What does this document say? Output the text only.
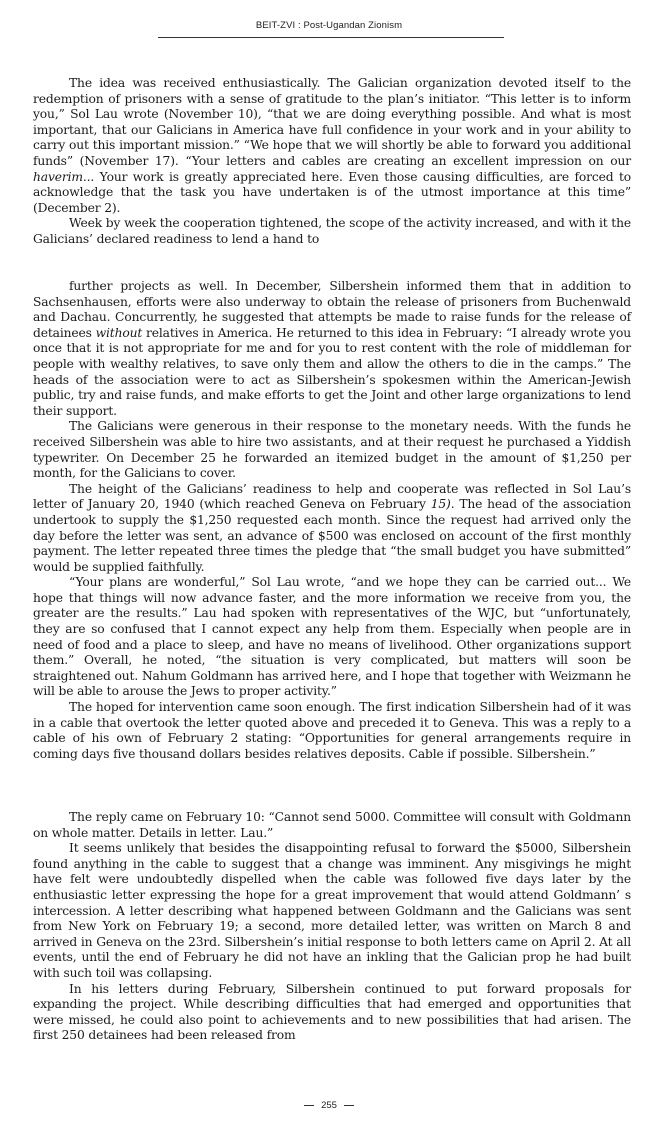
BEIT-ZVI : Post-Ugandan Zionism

The idea was received enthusiastically. The Galician organization devoted itself to the redemption of prisoners with a sense of gratitude to the plan’s initiator. “This letter is to inform you,” Sol Lau wrote (November 10), “that we are doing everything possible. And what is most important, that our Galicians in America have full confidence in your work and in your ability to carry out this important mission.” “We hope that we will shortly be able to forward you additional funds” (November 17). “Your letters and cables are creating an excellent impression on our haverim... Your work is greatly appreciated here. Even those causing difficulties, are forced to acknowledge that the task you have undertaken is of the utmost importance at this time” (December 2).

Week by week the cooperation tightened, the scope of the activity increased, and with it the Galicians’ declared readiness to lend a hand to

further projects as well. In December, Silbershein informed them that in addition to Sachsenhausen, efforts were also underway to obtain the release of prisoners from Buchenwald and Dachau. Concurrently, he suggested that attempts be made to raise funds for the release of detainees without relatives in America. He returned to this idea in February: “I already wrote you once that it is not appropriate for me and for you to rest content with the role of middleman for people with wealthy relatives, to save only them and allow the others to die in the camps.” The heads of the association were to act as Silbershein’s spokesmen within the American-Jewish public, try and raise funds, and make efforts to get the Joint and other large organizations to lend their support.

The Galicians were generous in their response to the monetary needs. With the funds he received Silbershein was able to hire two assistants, and at their request he purchased a Yiddish typewriter. On December 25 he forwarded an itemized budget in the amount of $1,250 per month, for the Galicians to cover.

The height of the Galicians’ readiness to help and cooperate was reflected in Sol Lau’s letter of January 20, 1940 (which reached Geneva on February 15). The head of the association undertook to supply the $1,250 requested each month. Since the request had arrived only the day before the letter was sent, an advance of $500 was enclosed on account of the first monthly payment. The letter repeated three times the pledge that “the small budget you have submitted” would be supplied faithfully.

“Your plans are wonderful,” Sol Lau wrote, “and we hope they can be carried out... We hope that things will now advance faster, and the more information we receive from you, the greater are the results.” Lau had spoken with representatives of the WJC, but “unfortunately, they are so confused that I cannot expect any help from them. Especially when people are in need of food and a place to sleep, and have no means of livelihood. Other organizations support them.” Overall, he noted, “the situation is very complicated, but matters will soon be straightened out. Nahum Goldmann has arrived here, and I hope that together with Weizmann he will be able to arouse the Jews to proper activity.”

The hoped for intervention came soon enough. The first indication Silbershein had of it was in a cable that overtook the letter quoted above and preceded it to Geneva. This was a reply to a cable of his own of February 2 stating: “Opportunities for general arrangements require in coming days five thousand dollars besides relatives deposits. Cable if possible. Silbershein.”

The reply came on February 10: “Cannot send 5000. Committee will consult with Goldmann on whole matter. Details in letter. Lau.”

It seems unlikely that besides the disappointing refusal to forward the $5000, Silbershein found anything in the cable to suggest that a change was imminent. Any misgivings he might have felt were undoubtedly dispelled when the cable was followed five days later by the enthusiastic letter expressing the hope for a great improvement that would attend Goldmann’ s intercession. A letter describing what happened between Goldmann and the Galicians was sent from New York on February 19; a second, more detailed letter, was written on March 8 and arrived in Geneva on the 23rd. Silbershein’s initial response to both letters came on April 2. At all events, until the end of February he did not have an inkling that the Galician prop he had built with such toil was collapsing.

In his letters during February, Silbershein continued to put forward proposals for expanding the project. While describing difficulties that had emerged and opportunities that were missed, he could also point to achievements and to new possibilities that had arisen. The first 250 detainees had been released from

255
